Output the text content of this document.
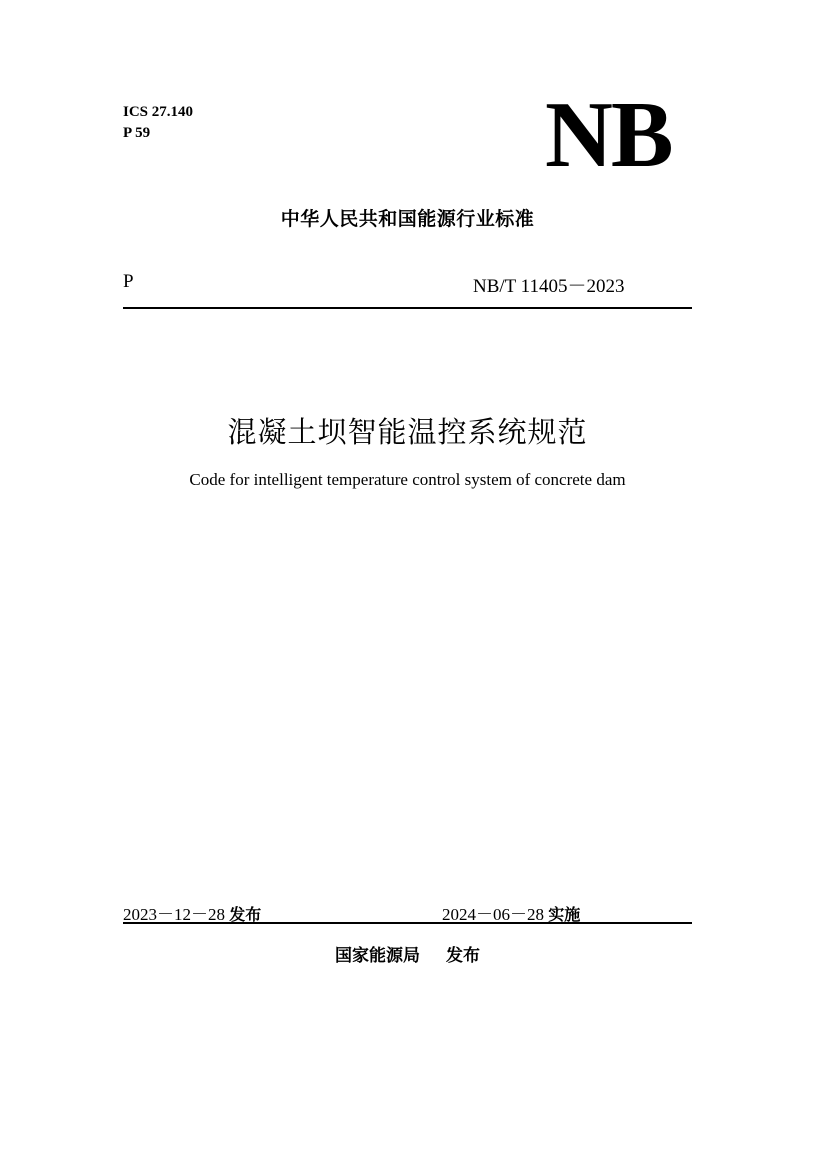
ICS 27.140
P 59	NB
中华人民共和国能源行业标准
P	NB/T 11405－2023
混凝土坝智能温控系统规范
Code for intelligent temperature control system of concrete dam
2023－12－28 发布	2024－06－28 实施
国家能源局 发布
